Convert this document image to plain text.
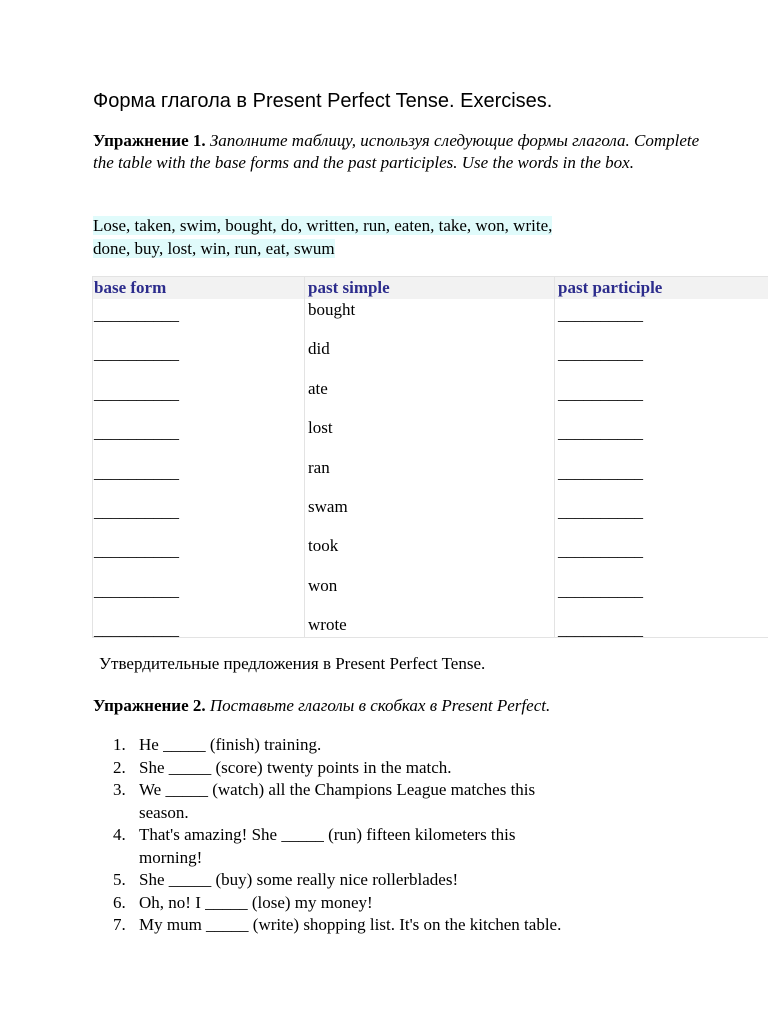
Форма глагола в Present Perfect Tense. Exercises.
Упражнение 1. Заполните таблицу, используя следующие формы глагола. Complete the table with the base forms and the past participles. Use the words in the box.
Lose, taken, swim, bought, do, written, run, eaten, take, won, write,
done, buy, lost, win, run, eat, swum
base form	past simple	past participle
__________	bought	__________
__________	did	__________
__________	ate	__________
__________	lost	__________
__________	ran	__________
__________	swam	__________
__________	took	__________
__________	won	__________
__________	wrote	__________
Утвердительные предложения в Present Perfect Tense.
Упражнение 2. Поставьте глаголы в скобках в Present Perfect.
1. He _____ (finish) training.
2. She _____ (score) twenty points in the match.
3. We _____ (watch) all the Champions League matches this
season.
4. That's amazing! She _____ (run) fifteen kilometers this
morning!
5. She _____ (buy) some really nice rollerblades!
6. Oh, no! I _____ (lose) my money!
7. My mum _____ (write) shopping list. It's on the kitchen table.
